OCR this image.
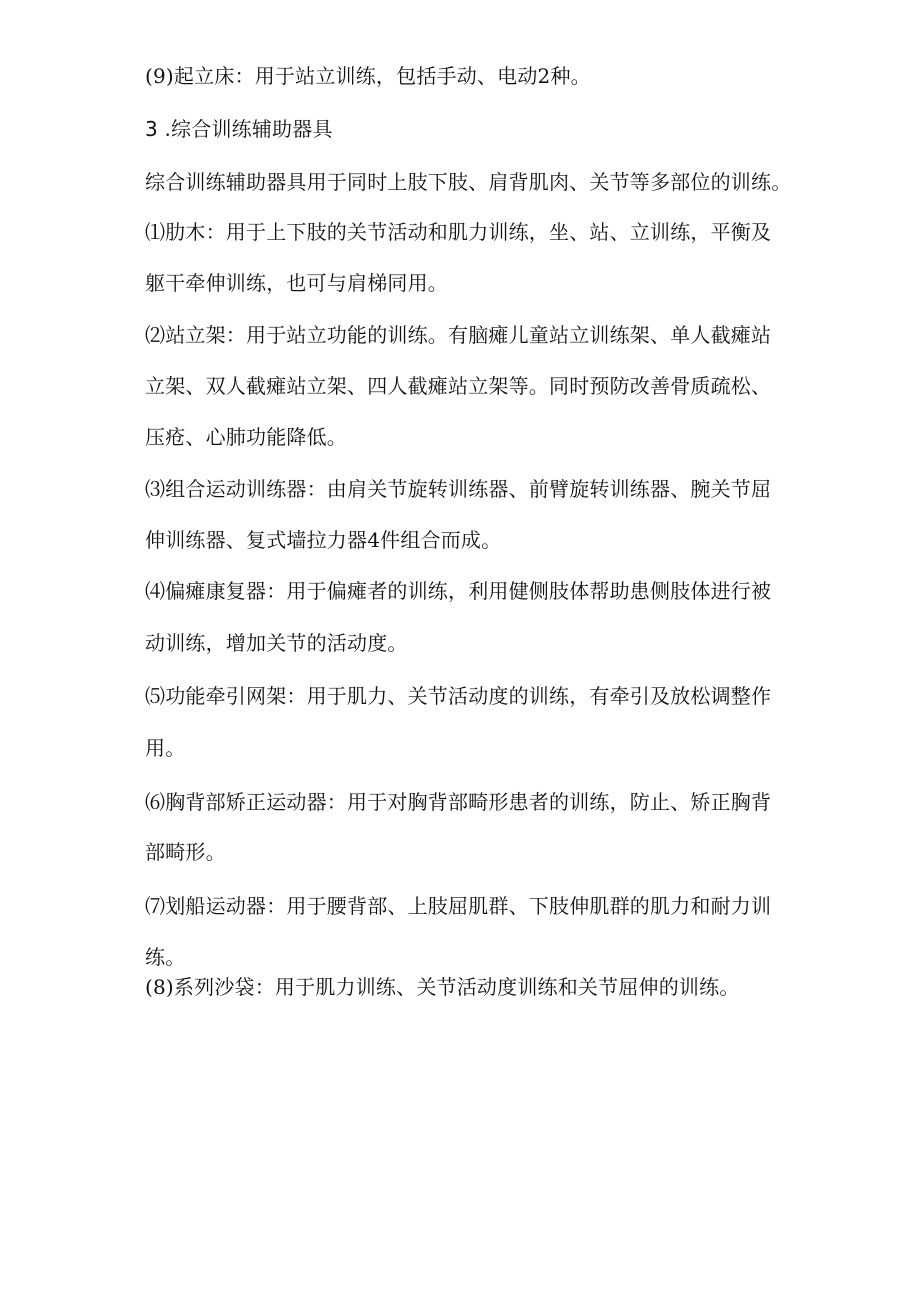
(9)起立床：用于站立训练，包括手动、电动2种。
3 .综合训练辅助器具
综合训练辅助器具用于同时上肢下肢、肩背肌肉、关节等多部位的训练。
⑴肋木：用于上下肢的关节活动和肌力训练，坐、站、立训练，平衡及
躯干牵伸训练，也可与肩梯同用。
⑵站立架：用于站立功能的训练。有脑瘫儿童站立训练架、单人截瘫站
立架、双人截瘫站立架、四人截瘫站立架等。同时预防改善骨质疏松、
压疮、心肺功能降低。
⑶组合运动训练器：由肩关节旋转训练器、前臂旋转训练器、腕关节屈
伸训练器、复式墙拉力器4件组合而成。
⑷偏瘫康复器：用于偏瘫者的训练，利用健侧肢体帮助患侧肢体进行被
动训练，增加关节的活动度。
⑸功能牵引网架：用于肌力、关节活动度的训练，有牵引及放松调整作
用。
⑹胸背部矫正运动器：用于对胸背部畸形患者的训练，防止、矫正胸背
部畸形。
⑺划船运动器：用于腰背部、上肢屈肌群、下肢伸肌群的肌力和耐力训
练。
(8)系列沙袋：用于肌力训练、关节活动度训练和关节屈伸的训练。
